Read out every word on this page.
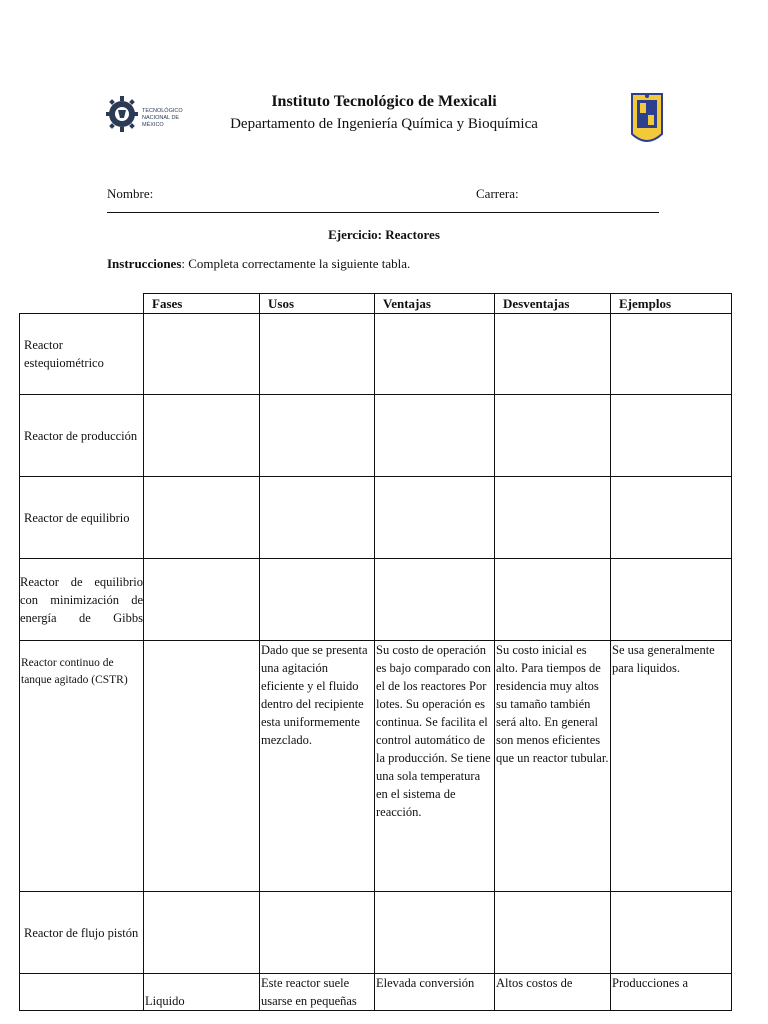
TECNOLÓGICO
NACIONAL DE MÉXICO
Instituto Tecnológico de Mexicali
Departamento de Ingeniería Química y Bioquímica
Nombre:	Carrera:
Ejercicio: Reactores
Instrucciones: Completa correctamente la siguiente tabla.
	Fases	Usos	Ventajas	Desventajas	Ejemplos
Reactor estequiométrico					
Reactor de producción					
Reactor de equilibrio					
Reactor de equilibrio con minimización de energía de Gibbs					
Reactor continuo de tanque agitado (CSTR)		Dado que se presenta una agitación eficiente y el fluido dentro del recipiente esta uniformemente mezclado.	Su costo de operación es bajo comparado con el de los reactores Por lotes. Su operación es continua. Se facilita el control automático de la producción. Se tiene una sola temperatura en el sistema de reacción.	Su costo inicial es alto. Para tiempos de residencia muy altos su tamaño también será alto. En general son menos eficientes que un reactor tubular.	Se usa generalmente para liquidos.
Reactor de flujo pistón					
	Liquido	Este reactor suele usarse en pequeñas	Elevada conversión	Altos costos de	Producciones a
